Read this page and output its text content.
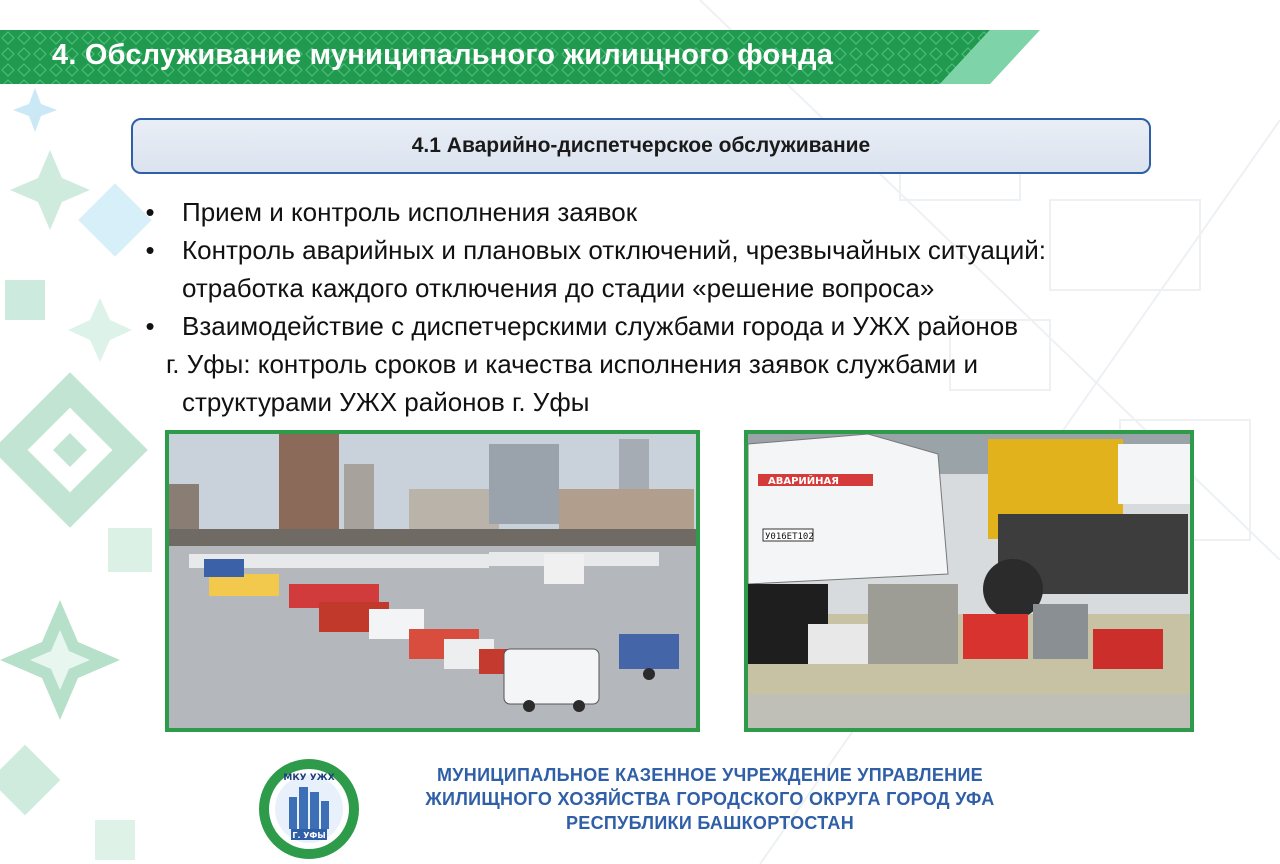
4. Обслуживание муниципального жилищного фонда
4.1 Аварийно-диспетчерское обслуживание
• Прием и контроль исполнения заявок
• Контроль аварийных и плановых отключений, чрезвычайных ситуаций:
отработка каждого отключения до стадии «решение вопроса»
• Взаимодействие с диспетчерскими службами города и УЖХ районов
г. Уфы: контроль сроков и качества исполнения заявок службами и
структурами УЖХ районов г. Уфы
АВАРИЙНАЯ
У016ЕТ102
МКУ УЖХ
Г. УФЫ
МУНИЦИПАЛЬНОЕ КАЗЕННОЕ УЧРЕЖДЕНИЕ УПРАВЛЕНИЕ
ЖИЛИЩНОГО ХОЗЯЙСТВА ГОРОДСКОГО ОКРУГА ГОРОД УФА
РЕСПУБЛИКИ БАШКОРТОСТАН
